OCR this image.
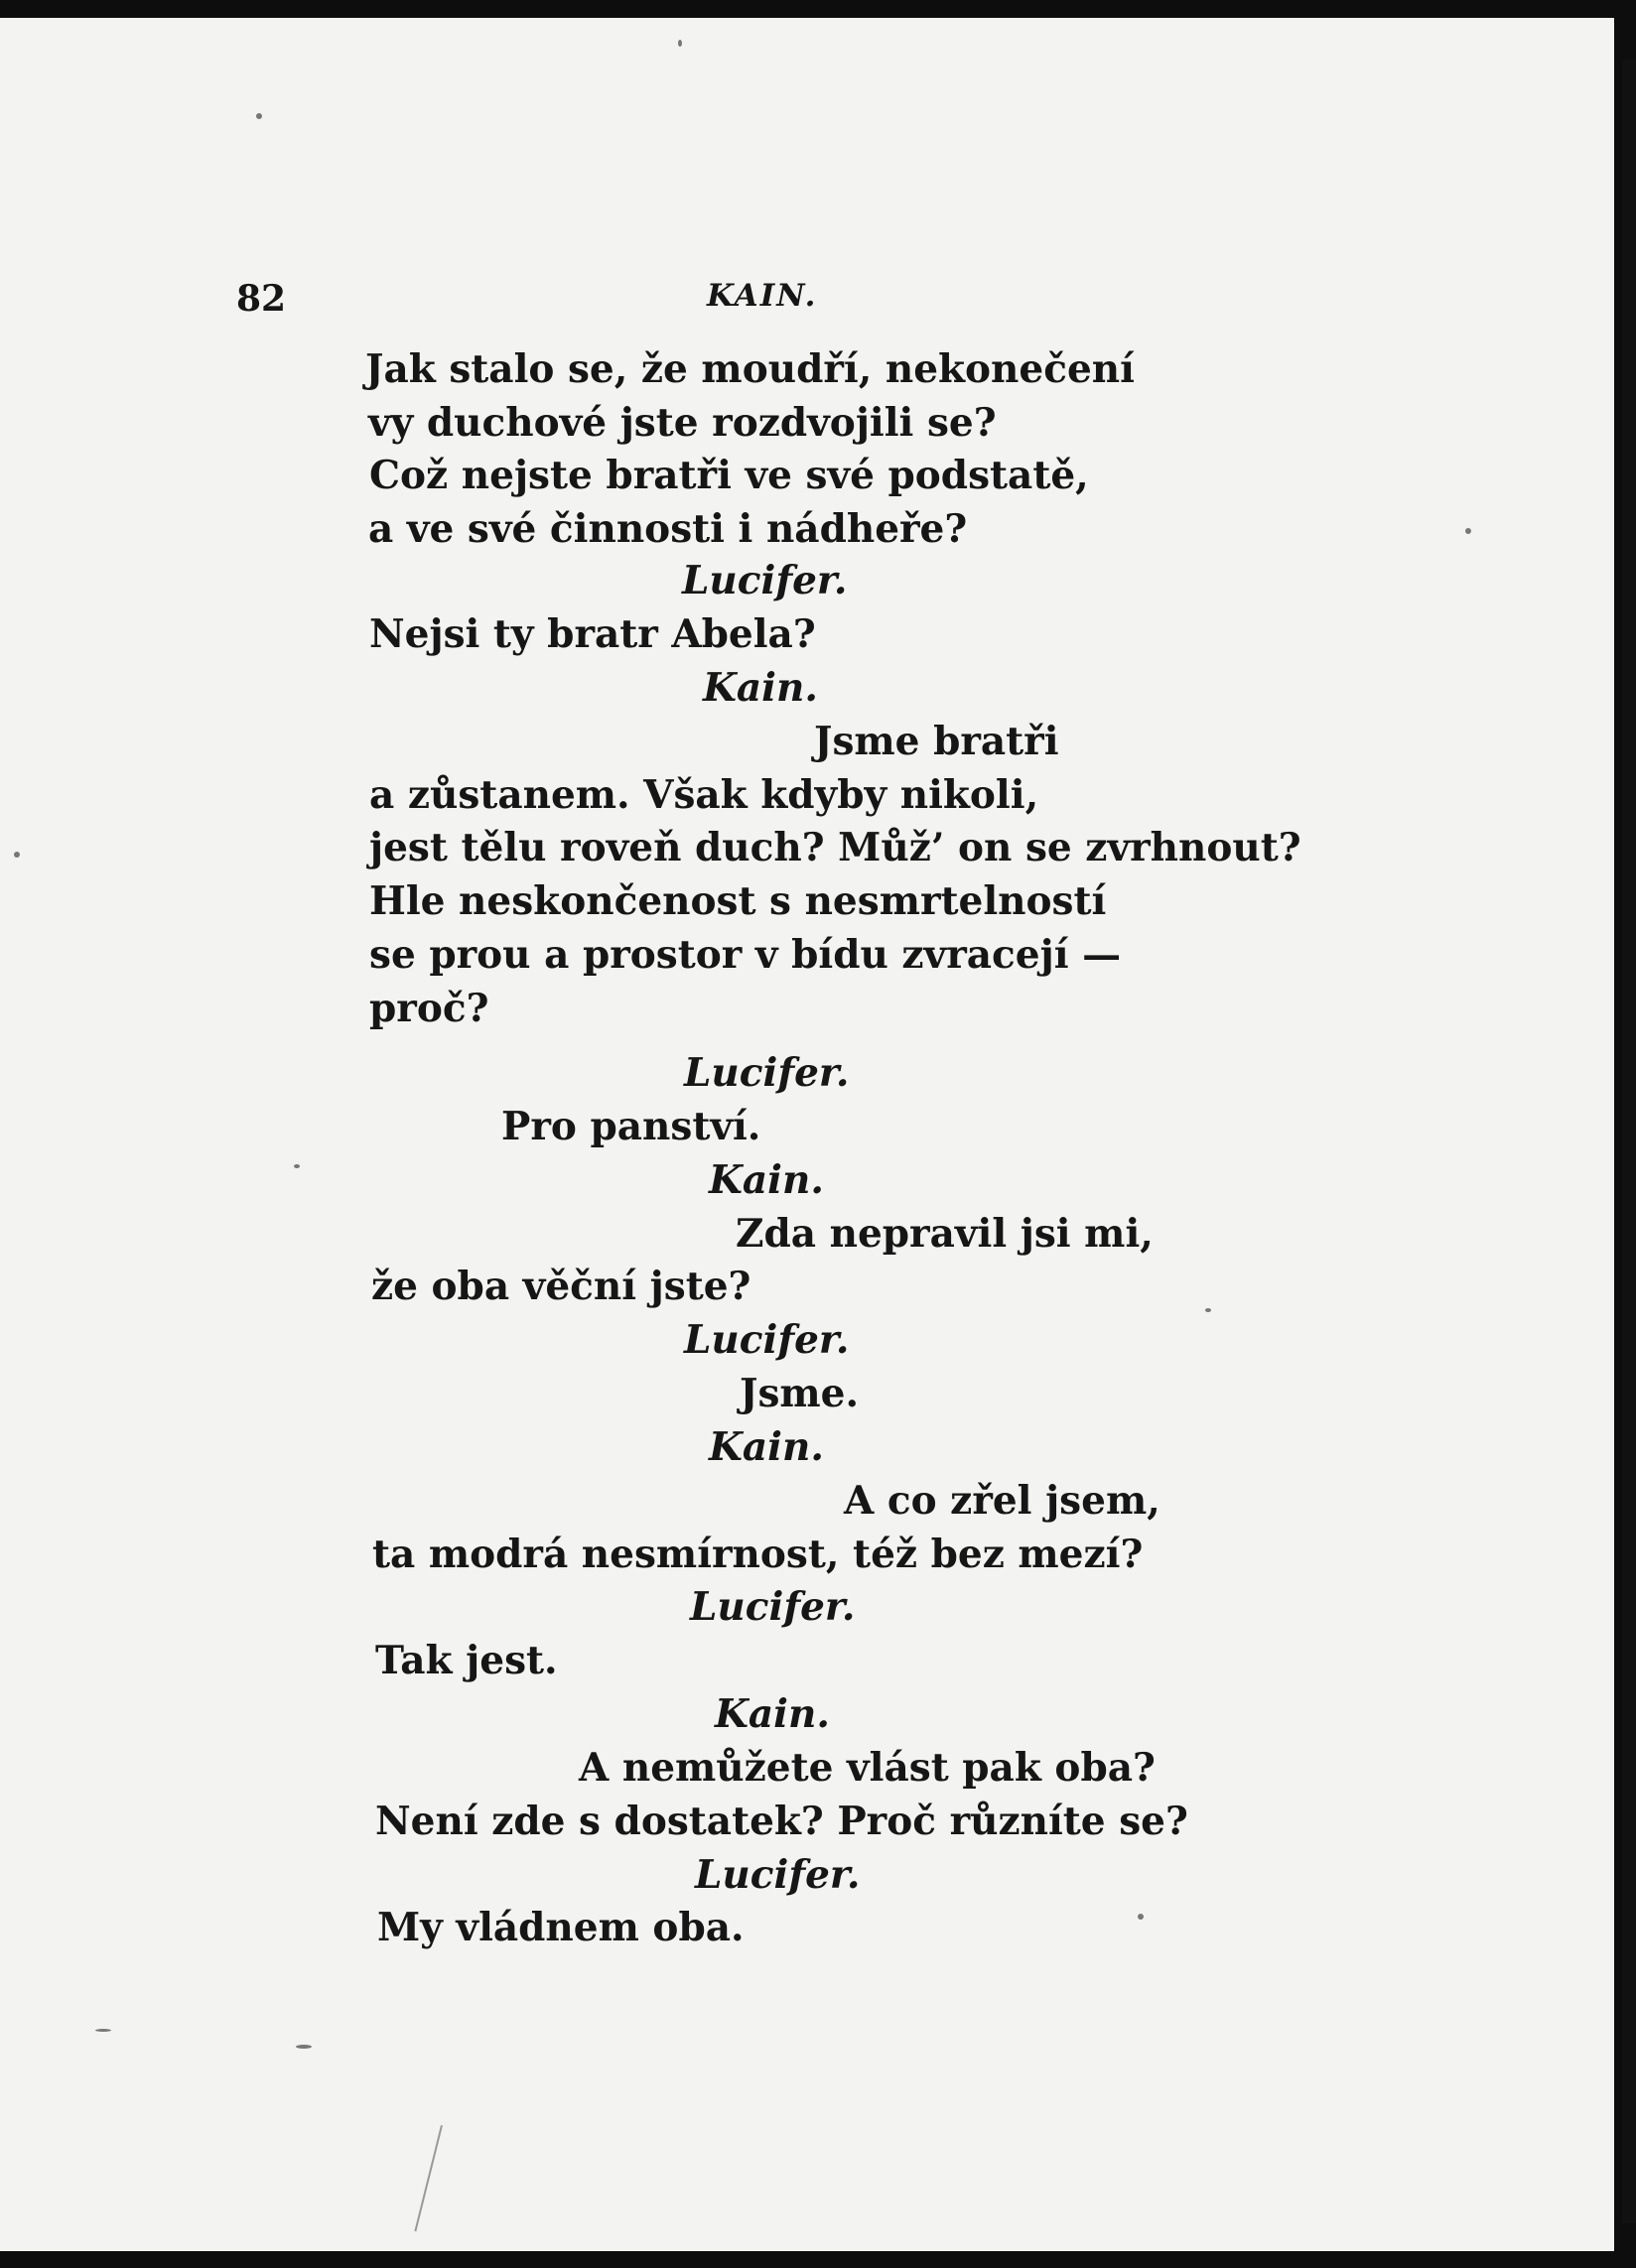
82	KAIN.
Jak stalo se, že moudří, nekonečení
vy duchové jste rozdvojili se?
Což nejste bratři ve své podstatě,
a ve své činnosti i nádheře?
Lucifer.
Nejsi ty bratr Abela?
Kain.
Jsme bratři
a zůstanem. Však kdyby nikoli,
jest tělu roveň duch? Můž’ on se zvrhnout?
Hle neskončenost s nesmrtelností
se prou a prostor v bídu zvracejí —
proč?
Lucifer.
Pro panství.
Kain.
Zda nepravil jsi mi,
že oba věční jste?
Lucifer.
Jsme.
Kain.
A co zřel jsem,
ta modrá nesmírnost, též bez mezí?
Lucifer.
Tak jest.
Kain.
A nemůžete vlást pak oba?
Není zde s dostatek? Proč různíte se?
Lucifer.
My vládnem oba.
